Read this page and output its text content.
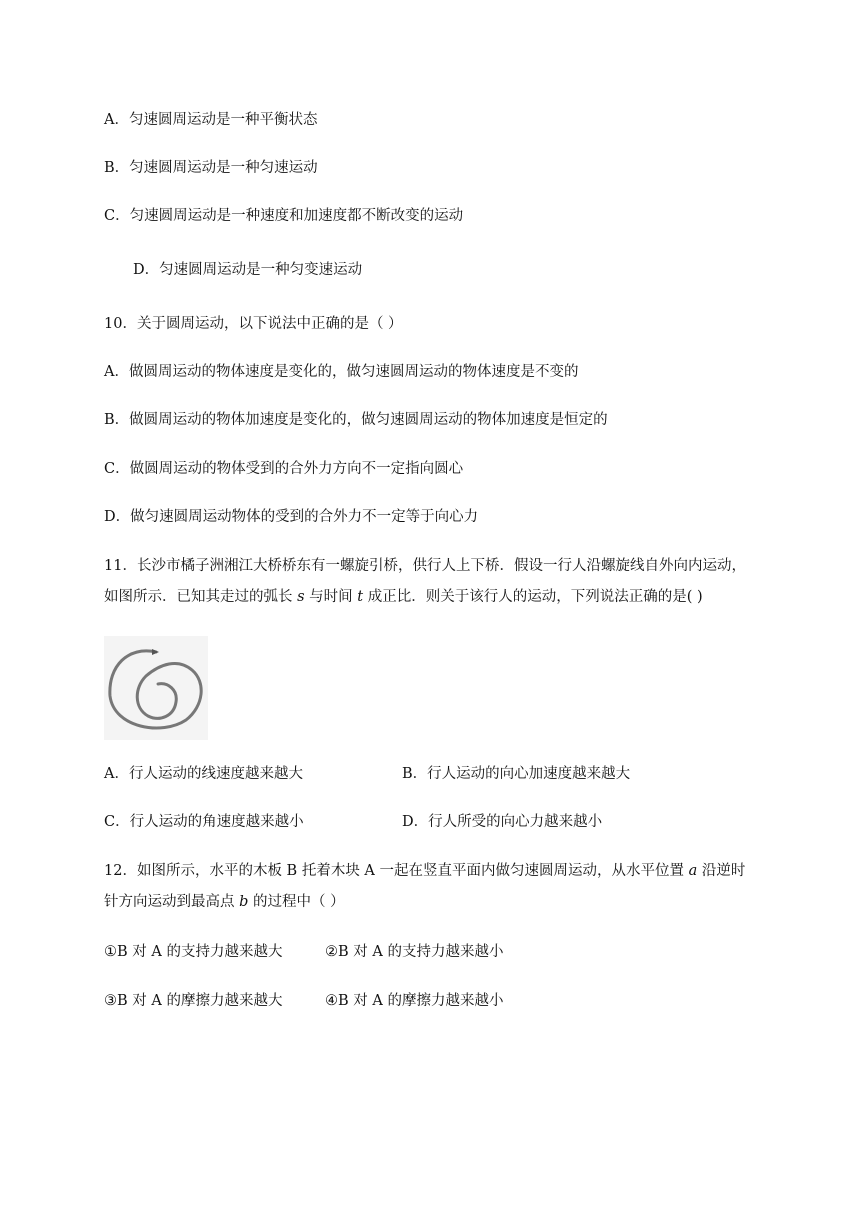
A．匀速圆周运动是一种平衡状态
B．匀速圆周运动是一种匀速运动
C．匀速圆周运动是一种速度和加速度都不断改变的运动
D．匀速圆周运动是一种匀变速运动
10．关于圆周运动，以下说法中正确的是（ ）
A．做圆周运动的物体速度是变化的，做匀速圆周运动的物体速度是不变的
B．做圆周运动的物体加速度是变化的，做匀速圆周运动的物体加速度是恒定的
C．做圆周运动的物体受到的合外力方向不一定指向圆心
D．做匀速圆周运动物体的受到的合外力不一定等于向心力
11．长沙市橘子洲湘江大桥桥东有一螺旋引桥，供行人上下桥．假设一行人沿螺旋线自外向内运动，
如图所示．已知其走过的弧长 s 与时间 t 成正比．则关于该行人的运动，下列说法正确的是( )
A．行人运动的线速度越来越大	B．行人运动的向心加速度越来越大
C．行人运动的角速度越来越小	D．行人所受的向心力越来越小
12．如图所示，水平的木板 B 托着木块 A 一起在竖直平面内做匀速圆周运动，从水平位置 a 沿逆时
针方向运动到最高点 b 的过程中（ ）
①B 对 A 的支持力越来越大	②B 对 A 的支持力越来越小
③B 对 A 的摩擦力越来越大	④B 对 A 的摩擦力越来越小
